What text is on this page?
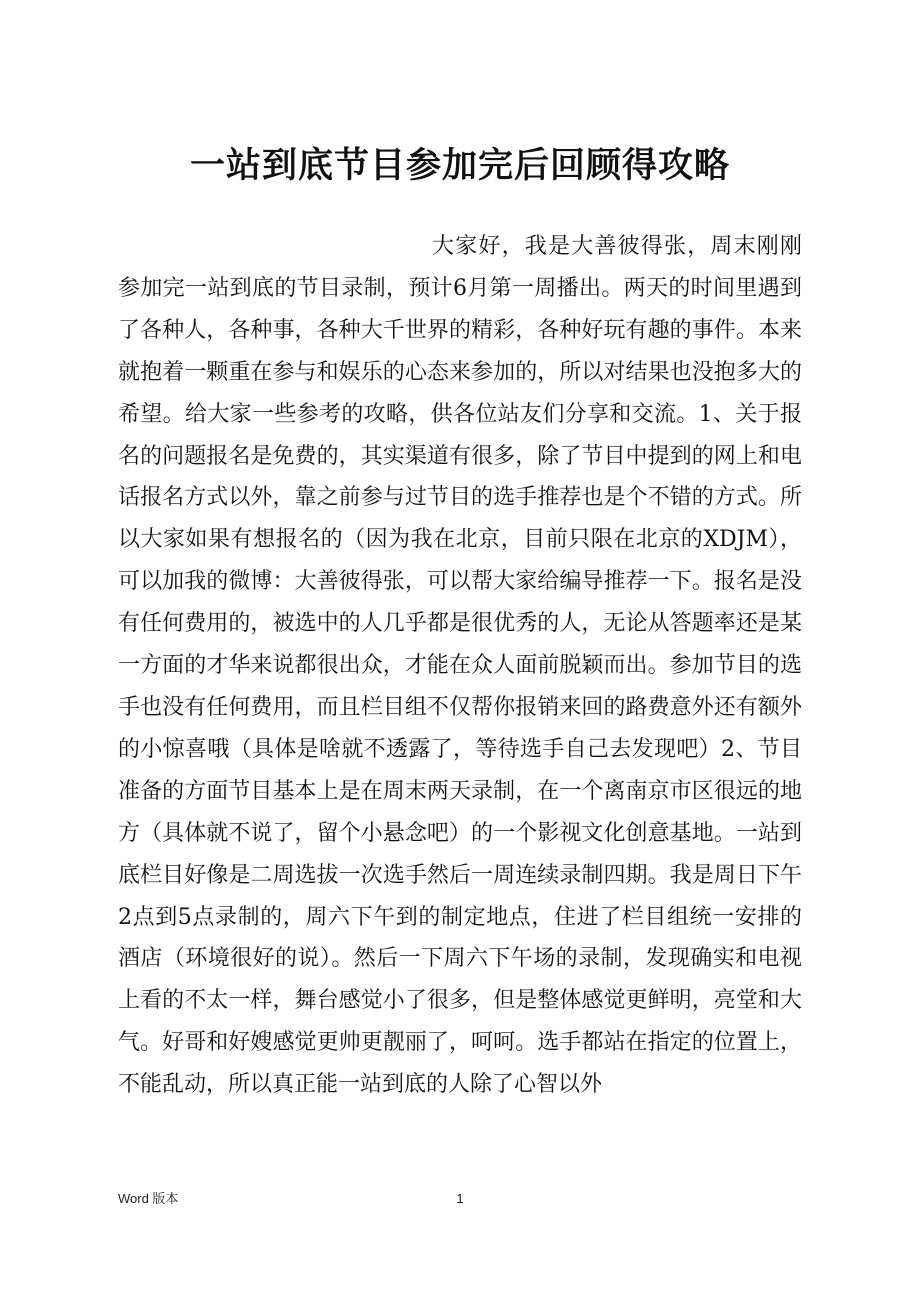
一站到底节目参加完后回顾得攻略

大家好，我是大善彼得张，周末刚刚参加完一站到底的节目录制，预计6月第一周播出。两天的时间里遇到了各种人，各种事，各种大千世界的精彩，各种好玩有趣的事件。本来就抱着一颗重在参与和娱乐的心态来参加的，所以对结果也没抱多大的希望。给大家一些参考的攻略，供各位站友们分享和交流。1、关于报名的问题报名是免费的，其实渠道有很多，除了节目中提到的网上和电话报名方式以外，靠之前参与过节目的选手推荐也是个不错的方式。所以大家如果有想报名的（因为我在北京，目前只限在北京的XDJM），可以加我的微博：大善彼得张，可以帮大家给编导推荐一下。报名是没有任何费用的，被选中的人几乎都是很优秀的人，无论从答题率还是某一方面的才华来说都很出众，才能在众人面前脱颖而出。参加节目的选手也没有任何费用，而且栏目组不仅帮你报销来回的路费意外还有额外的小惊喜哦（具体是啥就不透露了，等待选手自己去发现吧）2、节目准备的方面节目基本上是在周末两天录制，在一个离南京市区很远的地方（具体就不说了，留个小悬念吧）的一个影视文化创意基地。一站到底栏目好像是二周选拔一次选手然后一周连续录制四期。我是周日下午2点到5点录制的，周六下午到的制定地点，住进了栏目组统一安排的酒店（环境很好的说）。然后一下周六下午场的录制，发现确实和电视上看的不太一样，舞台感觉小了很多，但是整体感觉更鲜明，亮堂和大气。好哥和好嫂感觉更帅更靓丽了，呵呵。选手都站在指定的位置上，不能乱动，所以真正能一站到底的人除了心智以外

Word 版本	1
